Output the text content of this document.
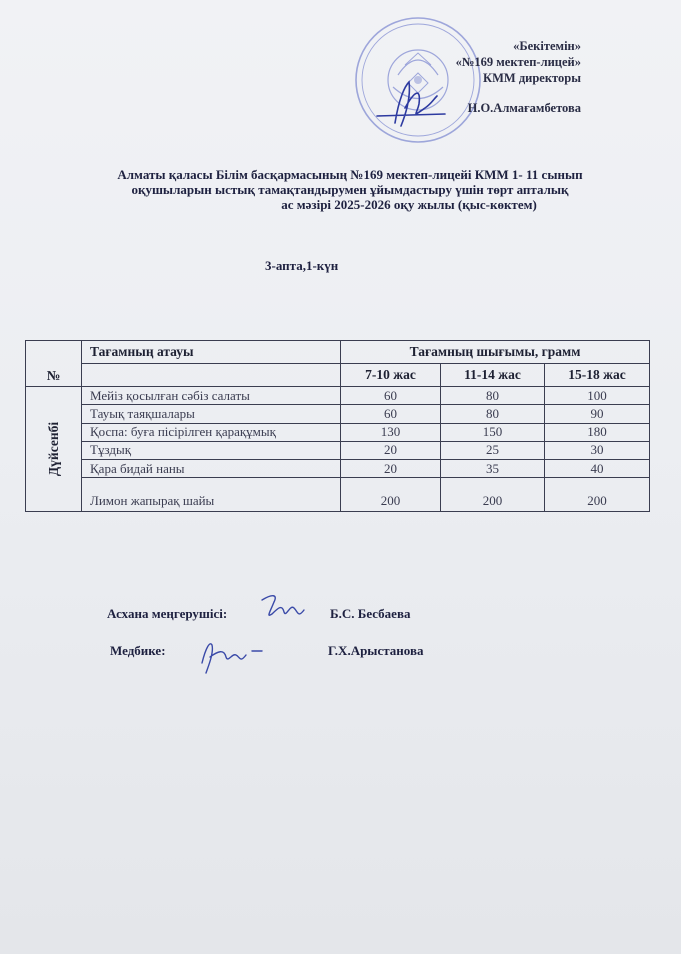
«Бекітемін»
«№169 мектеп-лицей»
КММ директоры
Н.О.Алмағамбетова
Алматы қаласы Білім басқармасының №169 мектеп-лицейі КММ 1- 11 сынып
оқушыларын ыстық тамақтандырумен ұйымдастыру үшін төрт апталық
ас мәзірі 2025-2026 оқу жылы (қыс-көктем)
3-апта,1-күн
№	Тағамның атауы	Тағамның шығымы, грамм		
		7-10 жас	11-14 жас	15-18 жас

Дүйсенбі	Мейіз қосылған сәбіз салаты	60	80	100
	Тауық таяқшалары	60	80	90
	Қоспа: буға пісірілген қарақұмық	130	150	180
	Тұздық	20	25	30
	Қара бидай наны	20	35	40
	Лимон жапырақ шайы	200	200	200
Асхана меңгерушісі:	Б.С. Бесбаева
Медбике:	Г.Х.Арыстанова
